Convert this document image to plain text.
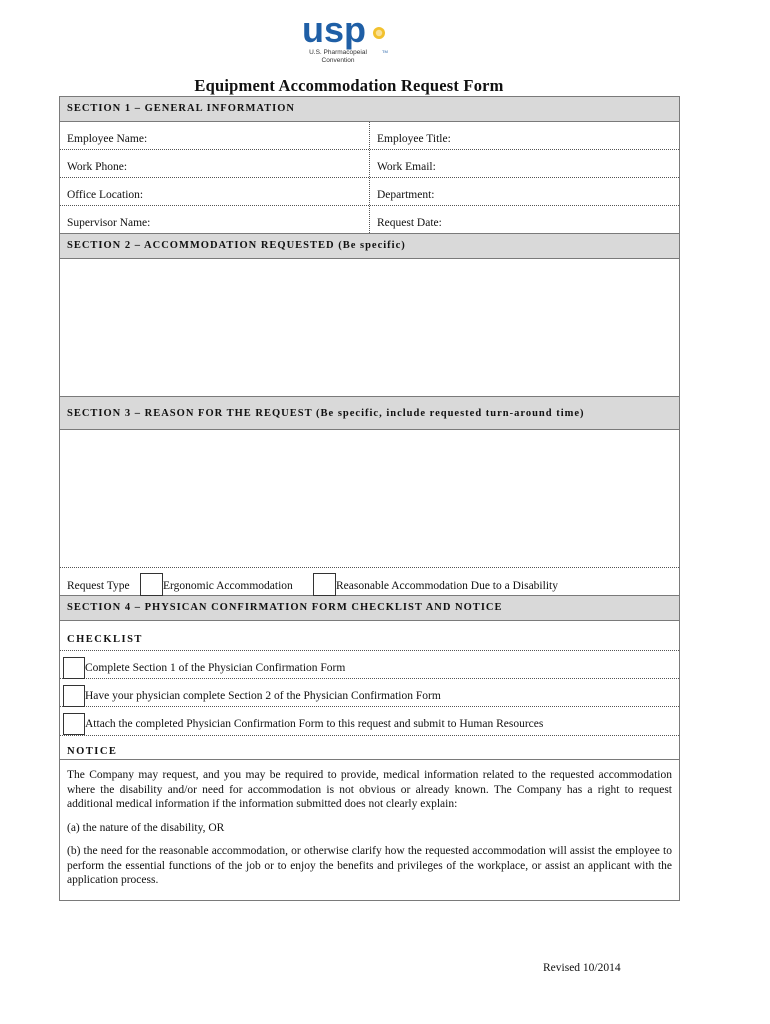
usp
TM
U.S. Pharmacopeial
Convention
Equipment Accommodation Request Form
SECTION 1 – GENERAL INFORMATION
Employee Name:	Employee Title:
Work Phone:	Work Email:
Office Location:	Department:
Supervisor Name:	Request Date:
SECTION 2 – ACCOMMODATION REQUESTED (Be specific)
SECTION 3 – REASON FOR THE REQUEST (Be specific, include requested turn-around time)
Request Type	Ergonomic Accommodation	Reasonable Accommodation Due to a Disability
SECTION 4 – PHYSICAN CONFIRMATION FORM CHECKLIST AND NOTICE
CHECKLIST
Complete Section 1 of the Physician Confirmation Form
Have your physician complete Section 2 of the Physician Confirmation Form
Attach the completed Physician Confirmation Form to this request and submit to Human Resources
NOTICE

The Company may request, and you may be required to provide, medical information related to the requested accommodation where the disability and/or need for accommodation is not obvious or already known. The Company has a right to request additional medical information if the information submitted does not clearly explain:

(a) the nature of the disability, OR

(b) the need for the reasonable accommodation, or otherwise clarify how the requested accommodation will assist the employee to perform the essential functions of the job or to enjoy the benefits and privileges of the workplace, or assist an applicant with the application process.

Revised 10/2014
